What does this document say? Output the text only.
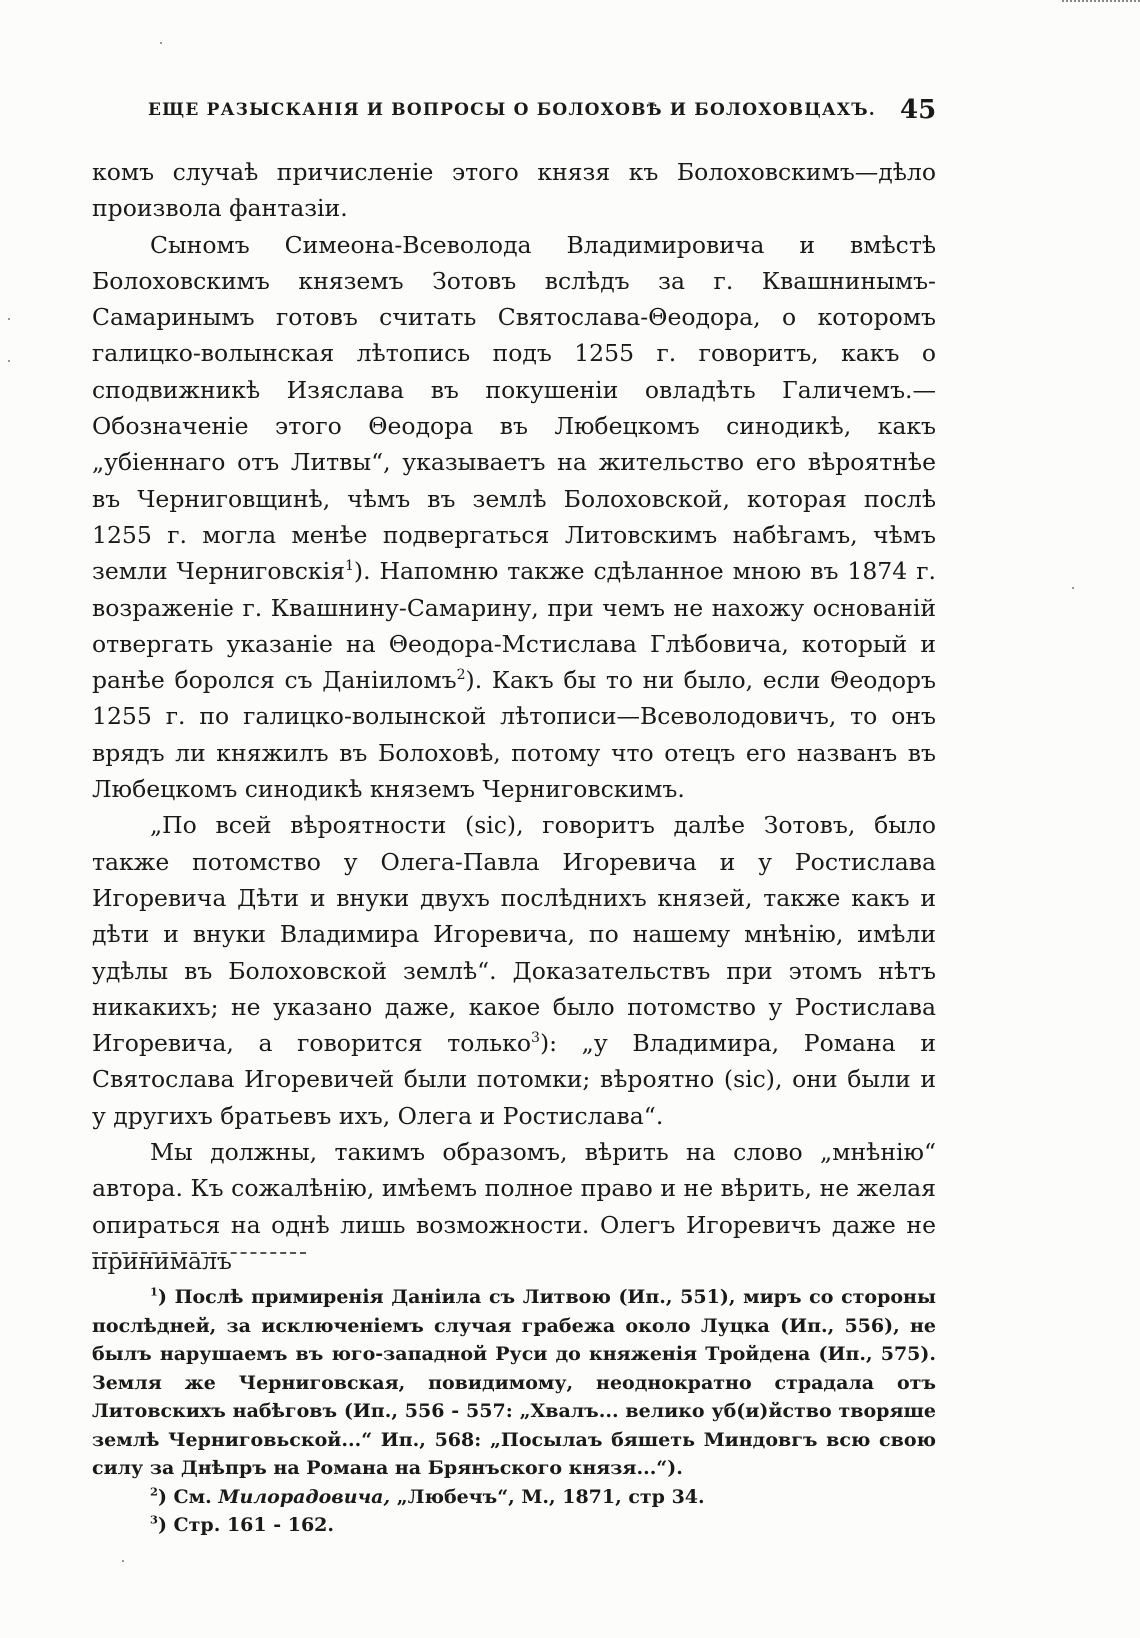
ЕЩЕ РАЗЫСКАНІЯ И ВОПРОСЫ О БОЛОХОВѢ И БОЛОХОВЦАХЪ. 45

комъ случаѣ причисленіе этого князя къ Болоховскимъ—дѣло произвола фантазіи.

Сыномъ Симеона-Всеволода Владимировича и вмѣстѣ Болоховскимъ княземъ Зотовъ вслѣдъ за г. Квашнинымъ-Самаринымъ готовъ считать Святослава-Θеодора, о которомъ галицко-волынская лѣтопись подъ 1255 г. говоритъ, какъ о сподвижникѣ Изяслава въ покушеніи овладѣть Галичемъ.—Обозначеніе этого Θеодора въ Любецкомъ синодикѣ, какъ „убіеннаго отъ Литвы“, указываетъ на жительство его вѣроятнѣе въ Черниговщинѣ, чѣмъ въ землѣ Болоховской, которая послѣ 1255 г. могла менѣе подвергаться Литовскимъ набѣгамъ, чѣмъ земли Черниговскія$^1$). Напомню также сдѣланное мною въ 1874 г. возраженіе г. Квашнину-Самарину, при чемъ не нахожу основаній отвергать указаніе на Θеодора-Мстислава Глѣбовича, который и ранѣе боролся съ Даніиломъ$^2$). Какъ бы то ни было, если Θеодоръ 1255 г. по галицко-волынской лѣтописи—Всеволодовичъ, то онъ врядъ ли княжилъ въ Болоховѣ, потому что отецъ его названъ въ Любецкомъ синодикѣ княземъ Черниговскимъ.

„По всей вѣроятности (sic), говоритъ далѣе Зотовъ, было также потомство у Олега-Павла Игоревича и у Ростислава Игоревича Дѣти и внуки двухъ послѣднихъ князей, также какъ и дѣти и внуки Владимира Игоревича, по нашему мнѣнію, имѣли удѣлы въ Болоховской землѣ“. Доказательствъ при этомъ нѣтъ никакихъ; не указано даже, какое было потомство у Ростислава Игоревича, а говорится только$^3$): „у Владимира, Романа и Святослава Игоревичей были потомки; вѣроятно (sic), они были и у другихъ братьевъ ихъ, Олега и Ростислава“.

Мы должны, такимъ образомъ, вѣрить на слово „мнѣнію“ автора. Къ сожалѣнію, имѣемъ полное право и не вѣрить, не желая опираться на однѣ лишь возможности. Олегъ Игоревичъ даже не принималъ

$^1$) Послѣ примиренія Даніила съ Литвою (Ип., 551), миръ со стороны послѣдней, за исключеніемъ случая грабежа около Луцка (Ип., 556), не былъ нарушаемъ въ юго-западной Руси до княженія Тройдена (Ип., 575). Земля же Черниговская, повидимому, неоднократно страдала отъ Литовскихъ набѣговъ (Ип., 556 - 557: „Хвалъ... велико уб(и)йство творяше землѣ Черниговьской...“ Ип., 568: „Посылаъ бяшеть Миндовгъ всю свою силу за Днѣпръ на Романа на Брянъского князя...“).

$^2$) См. Милорадовича, „Любечъ“, М., 1871, стр 34.

$^3$) Стр. 161 - 162.
